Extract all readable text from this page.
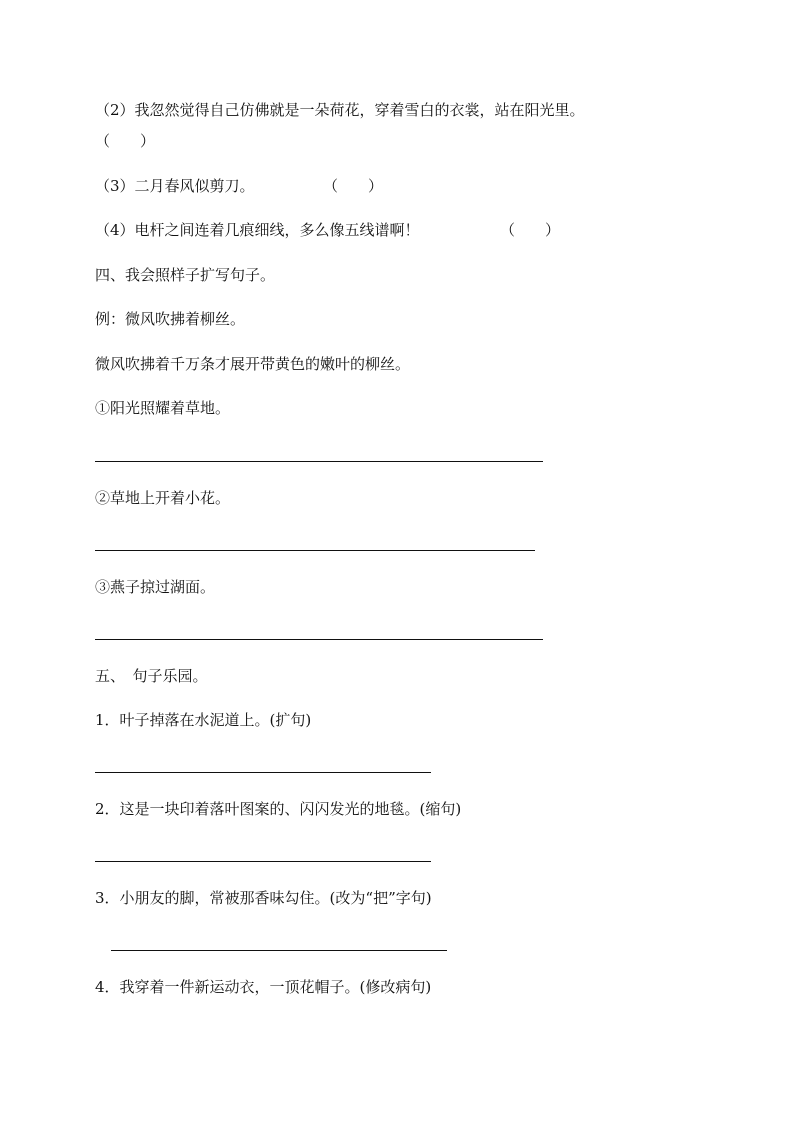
（2）我忽然觉得自己仿佛就是一朵荷花，穿着雪白的衣裳，站在阳光里。
（　　）
（3）二月春风似剪刀。	（　　）
（4）电杆之间连着几痕细线，多么像五线谱啊！	（　　）
四、我会照样子扩写句子。
例：微风吹拂着柳丝。
微风吹拂着千万条才展开带黄色的嫩叶的柳丝。
①阳光照耀着草地。
②草地上开着小花。
③燕子掠过湖面。
五、　句子乐园。
1．叶子掉落在水泥道上。(扩句)
2．这是一块印着落叶图案的、闪闪发光的地毯。(缩句)
3．小朋友的脚，常被那香味勾住。(改为“把”字句)
4．我穿着一件新运动衣，一顶花帽子。(修改病句)
